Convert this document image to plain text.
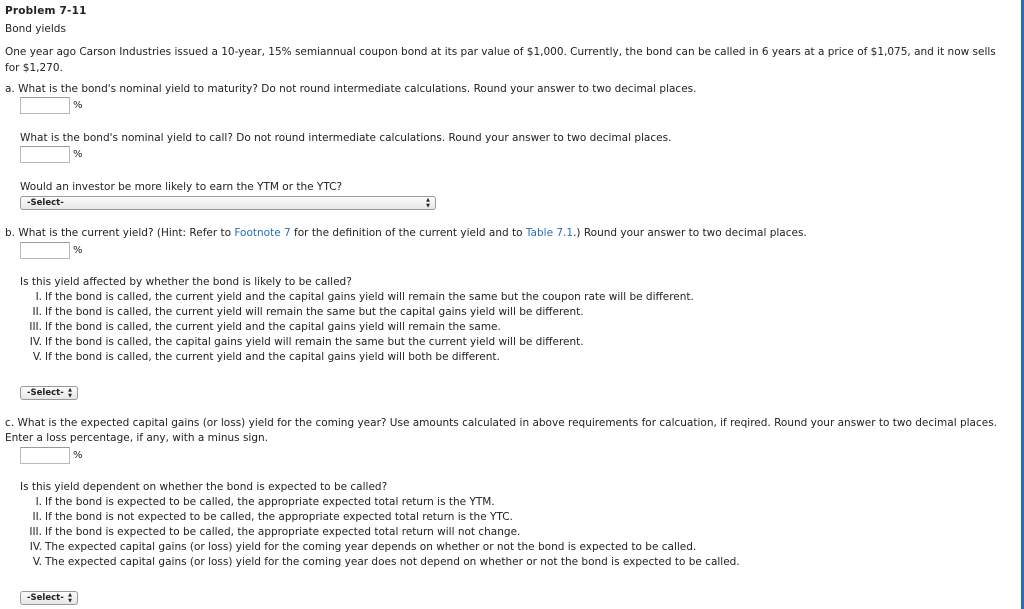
Problem 7-11
Bond yields
One year ago Carson Industries issued a 10-year, 15% semiannual coupon bond at its par value of $1,000. Currently, the bond can be called in 6 years at a price of $1,075, and it now sells for $1,270.
a. What is the bond's nominal yield to maturity? Do not round intermediate calculations. Round your answer to two decimal places.
%
What is the bond's nominal yield to call? Do not round intermediate calculations. Round your answer to two decimal places.
%
Would an investor be more likely to earn the YTM or the YTC?
-Select-	▲
▼
b. What is the current yield? (Hint: Refer to Footnote 7 for the definition of the current yield and to Table 7.1.) Round your answer to two decimal places.
%
Is this yield affected by whether the bond is likely to be called?
I. If the bond is called, the current yield and the capital gains yield will remain the same but the coupon rate will be different.
II. If the bond is called, the current yield will remain the same but the capital gains yield will be different.
III. If the bond is called, the current yield and the capital gains yield will remain the same.
IV. If the bond is called, the capital gains yield will remain the same but the current yield will be different.
V. If the bond is called, the current yield and the capital gains yield will both be different.
-Select- ▲
▼
c. What is the expected capital gains (or loss) yield for the coming year? Use amounts calculated in above requirements for calcuation, if reqired. Round your answer to two decimal places. Enter a loss percentage, if any, with a minus sign.
%
Is this yield dependent on whether the bond is expected to be called?
I. If the bond is expected to be called, the appropriate expected total return is the YTM.
II. If the bond is not expected to be called, the appropriate expected total return is the YTC.
III. If the bond is expected to be called, the appropriate expected total return will not change.
IV. The expected capital gains (or loss) yield for the coming year depends on whether or not the bond is expected to be called.
V. The expected capital gains (or loss) yield for the coming year does not depend on whether or not the bond is expected to be called.
-Select- ▲
▼
